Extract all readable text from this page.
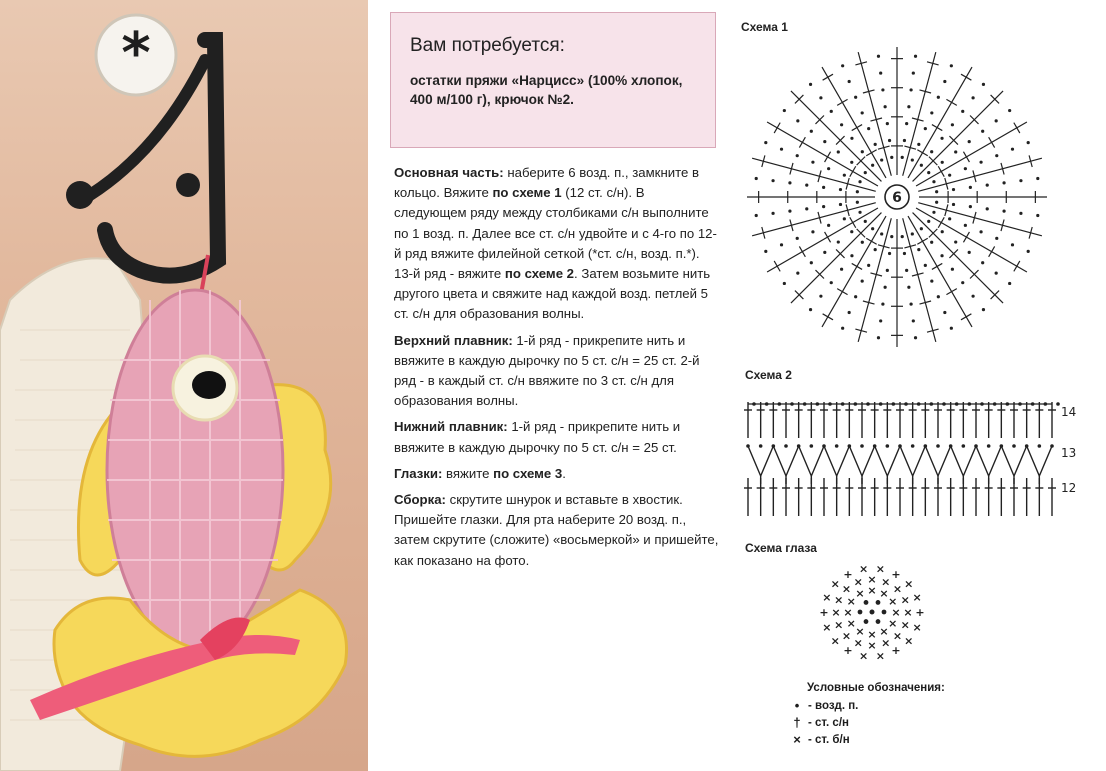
*	Вам потребуется:
остатки пряжи «Нарцисс» (100% хлопок, 400 м/100 г), крючок №2.

Основная часть: наберите 6 возд. п., замкните в кольцо. Вяжите по схеме 1 (12 ст. с/н). В следующем ряду между столбиками с/н выполните по 1 возд. п. Далее все ст. с/н удвойте и с 4-го по 12-й ряд вяжите филейной сеткой (*ст. с/н, возд. п.*). 13-й ряд - вяжите по схеме 2. Затем возьмите нить другого цвета и свяжите над каждой возд. петлей 5 ст. с/н для образования волны.

Верхний плавник: 1-й ряд - прикрепите нить и ввяжите в каждую дырочку по 5 ст. с/н = 25 ст. 2-й ряд - в каждый ст. с/н ввяжите по 3 ст. с/н для образования волны.

Нижний плавник: 1-й ряд - прикрепите нить и ввяжите в каждую дырочку по 5 ст. с/н = 25 ст.

Глазки: вяжите по схеме 3.

Сборка: скрутите шнурок и вставьте в хвостик. Пришейте глазки. Для рта наберите 20 возд. п., затем скрутите (сложите) «восьмеркой» и пришейте, как показано на фото.

Схема 1
Схема 2
Схема глаза
6
14
13
12
×
×
×
×
×
×
×
×
× × ×
×
×
×
×
×
×
×
×
×
×
×
×
× × ×
×
×
+
×
×
+
×
×
+
×
×
+
×
×
+ × × +
×
×
Условные обозначения:
• - возд. п.
† - ст. с/н
× - ст. б/н
